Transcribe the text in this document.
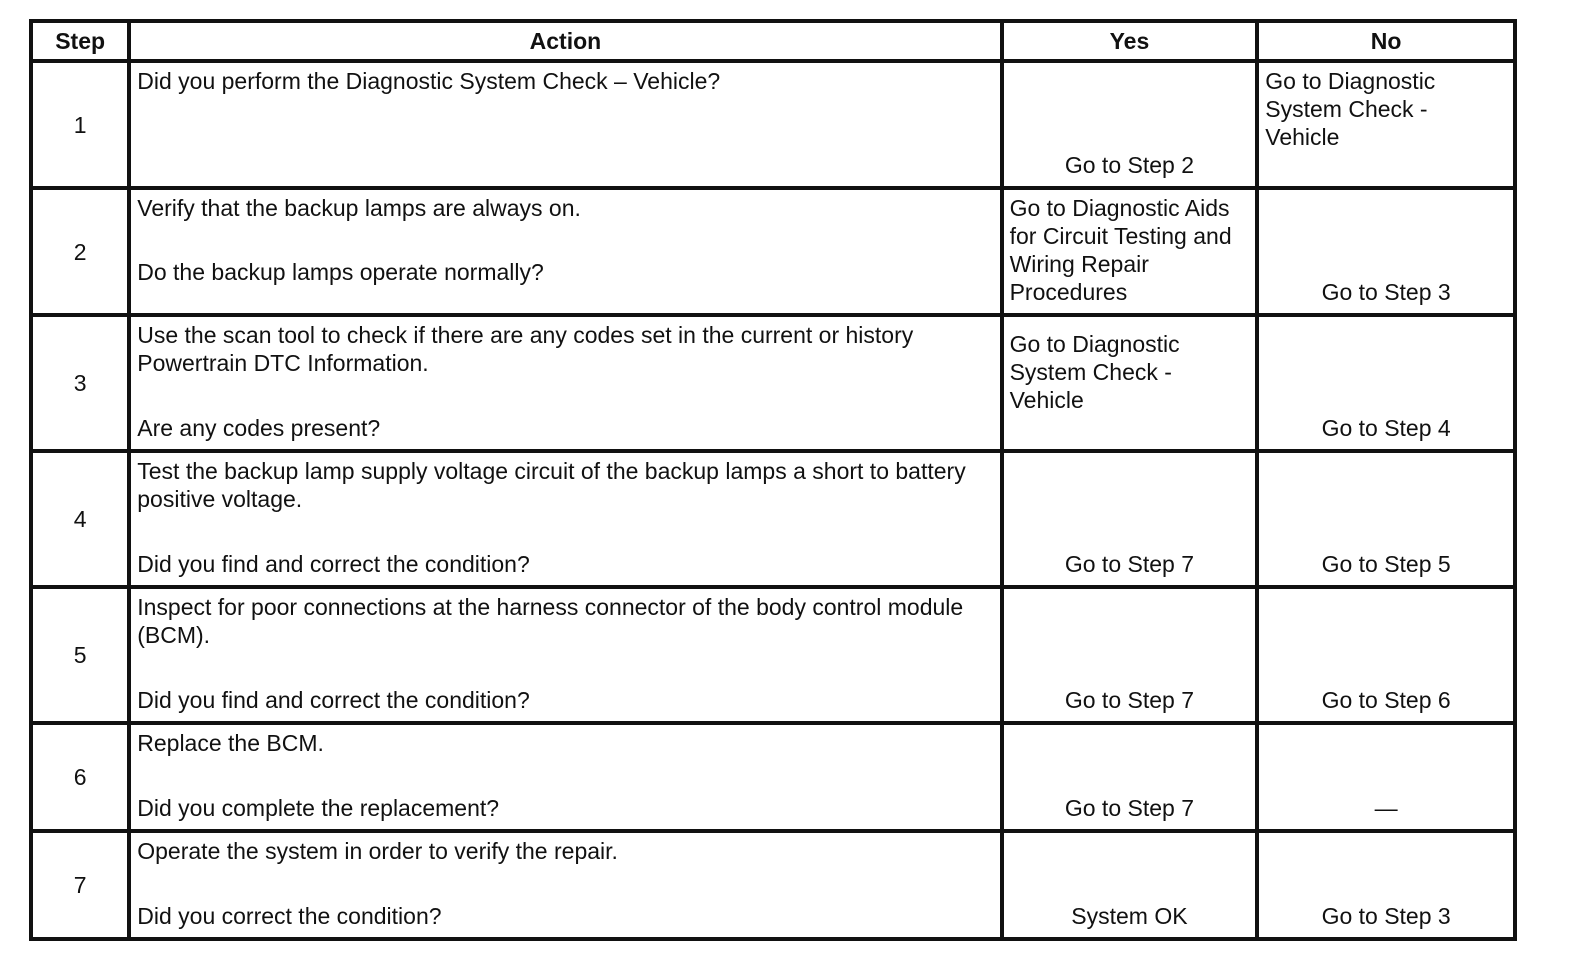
Step	Action	Yes	No
1	Did you perform the Diagnostic System Check – Vehicle?	Go to Step 2	Go to Diagnostic System Check - Vehicle

2	Verify that the backup lamps are always on.
Do the backup lamps operate normally?	Go to Diagnostic Aids for Circuit Testing and Wiring Repair Procedures	Go to Step 3

3	Use the scan tool to check if there are any codes set in the current or history Powertrain DTC Information.
Are any codes present?	Go to Diagnostic System Check - Vehicle	Go to Step 4

4	Test the backup lamp supply voltage circuit of the backup lamps a short to battery positive voltage.
Did you find and correct the condition?	Go to Step 7	Go to Step 5

5	Inspect for poor connections at the harness connector of the body control module (BCM).
Did you find and correct the condition?	Go to Step 7	Go to Step 6

6	Replace the BCM.
Did you complete the replacement?	Go to Step 7	—

7	Operate the system in order to verify the repair.
Did you correct the condition?	System OK	Go to Step 3
